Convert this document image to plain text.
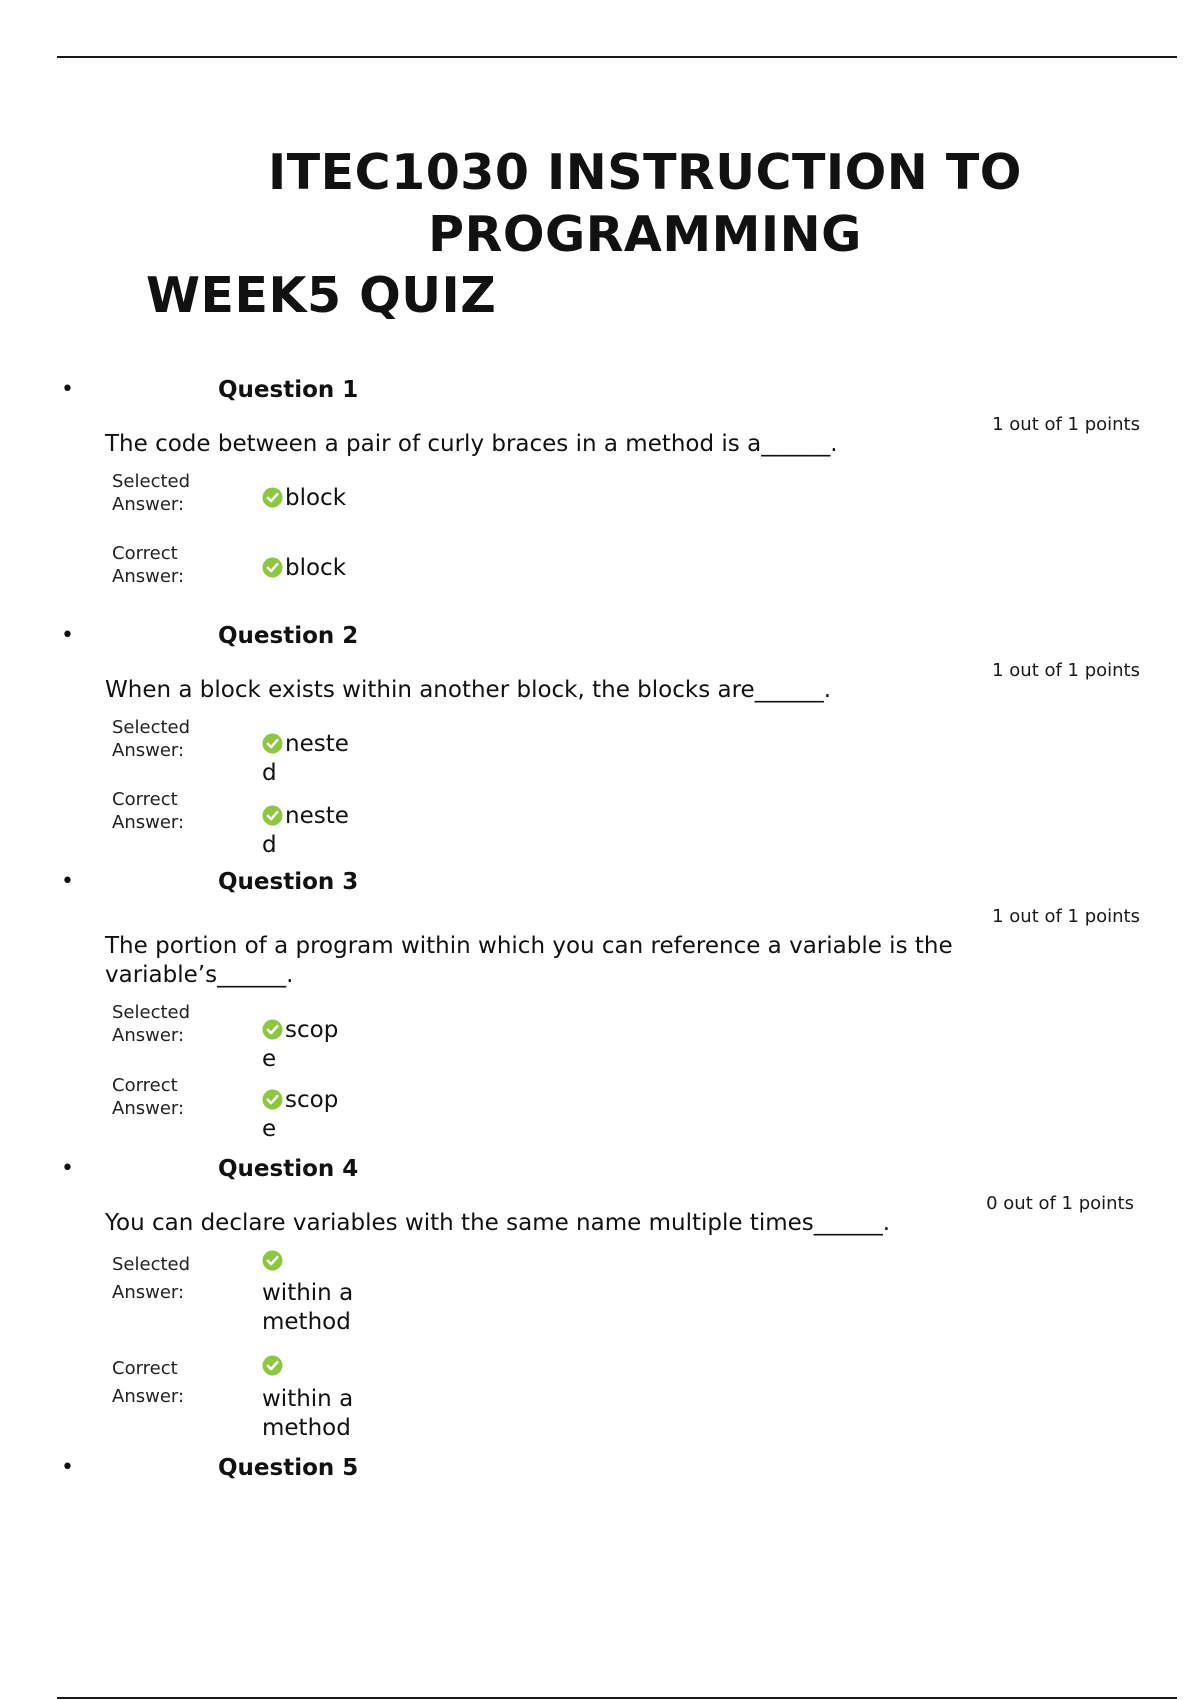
ITEC1030 INSTRUCTION TO PROGRAMMING
WEEK5 QUIZ
•	Question 1
1 out of 1 points
The code between a pair of curly braces in a method is a______.
Selected Answer:	block
Correct Answer:	block
•	Question 2
1 out of 1 points
When a block exists within another block, the blocks are______.
Selected Answer:	nested
Correct Answer:	nested
•	Question 3
1 out of 1 points
The portion of a program within which you can reference a variable is the variable’s______.
Selected Answer:	scope
Correct Answer:	scope
•	Question 4
0 out of 1 points
You can declare variables with the same name multiple times______.
Selected Answer:	within a method
Correct Answer:	within a method
•	Question 5
